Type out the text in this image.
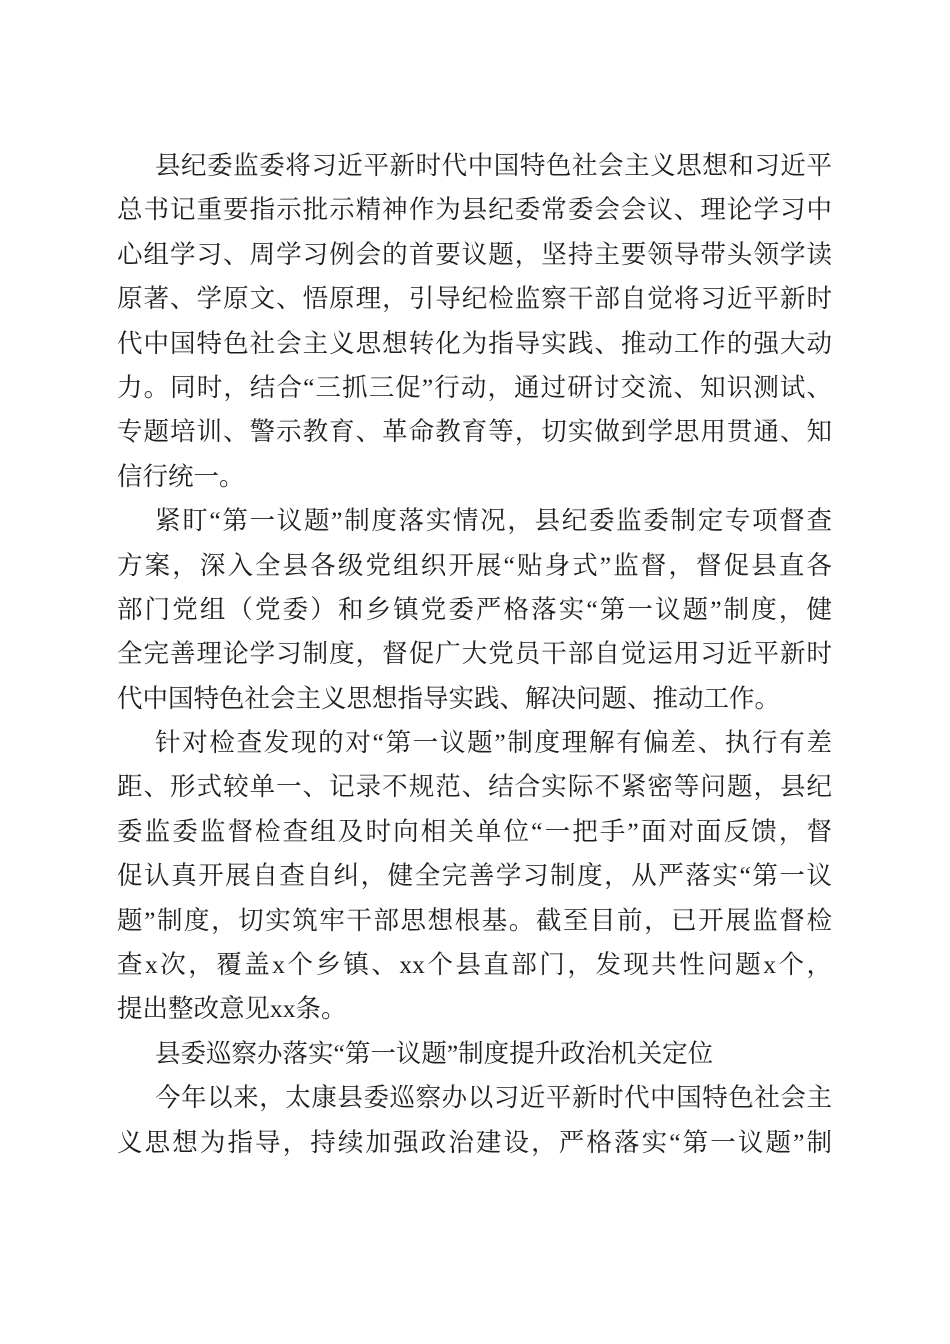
县纪委监委将习近平新时代中国特色社会主义思想和习近平
总书记重要指示批示精神作为县纪委常委会会议、理论学习中
心组学习、周学习例会的首要议题，坚持主要领导带头领学读
原著、学原文、悟原理，引导纪检监察干部自觉将习近平新时
代中国特色社会主义思想转化为指导实践、推动工作的强大动
力。同时，结合“三抓三促”行动，通过研讨交流、知识测试、
专题培训、警示教育、革命教育等，切实做到学思用贯通、知
信行统一。
紧盯“第一议题”制度落实情况，县纪委监委制定专项督查
方案，深入全县各级党组织开展“贴身式”监督，督促县直各
部门党组（党委）和乡镇党委严格落实“第一议题”制度，健
全完善理论学习制度，督促广大党员干部自觉运用习近平新时
代中国特色社会主义思想指导实践、解决问题、推动工作。
针对检查发现的对“第一议题”制度理解有偏差、执行有差
距、形式较单一、记录不规范、结合实际不紧密等问题，县纪
委监委监督检查组及时向相关单位“一把手”面对面反馈，督
促认真开展自查自纠，健全完善学习制度，从严落实“第一议
题”制度，切实筑牢干部思想根基。截至目前，已开展监督检
查x次，覆盖x个乡镇、xx个县直部门，发现共性问题x个，
提出整改意见xx条。
县委巡察办落实“第一议题”制度提升政治机关定位
今年以来，太康县委巡察办以习近平新时代中国特色社会主
义思想为指导，持续加强政治建设，严格落实“第一议题”制
